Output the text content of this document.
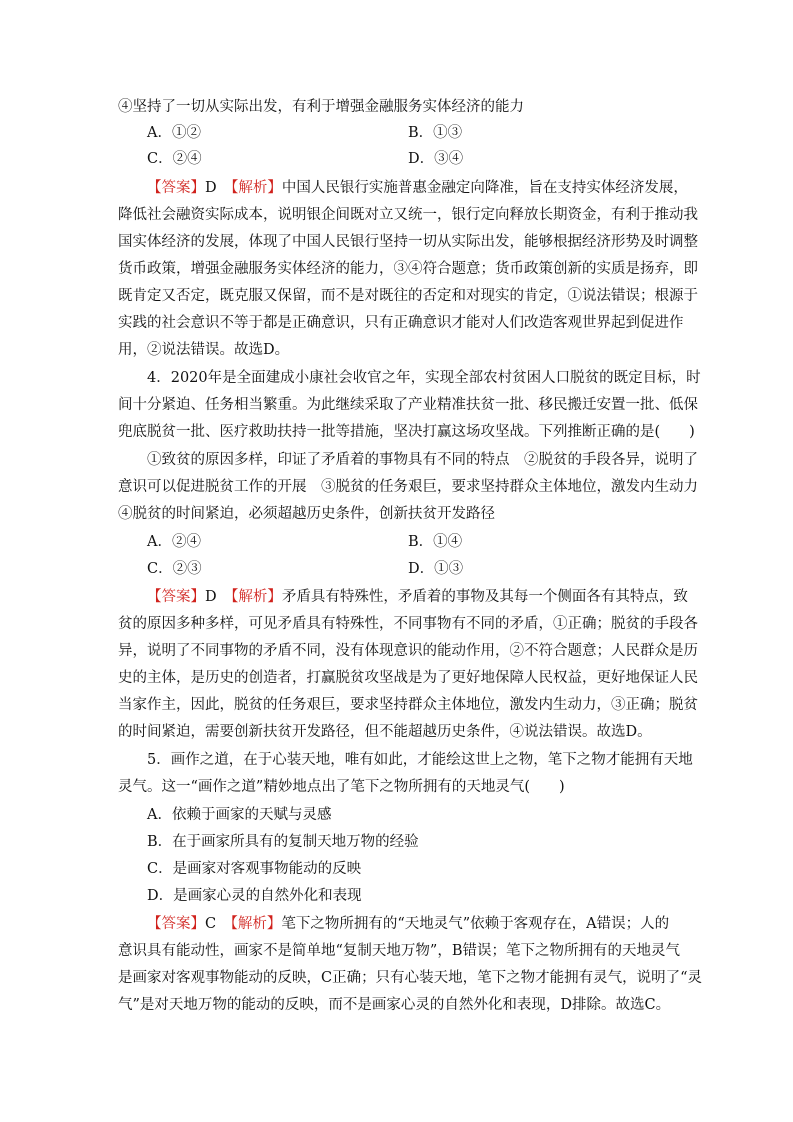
④坚持了一切从实际出发，有利于增强金融服务实体经济的能力
A．①②	B．①③
C．②④	D．③④
【答案】D　【解析】中国人民银行实施普惠金融定向降准，旨在支持实体经济发展，
降低社会融资实际成本，说明银企间既对立又统一，银行定向释放长期资金，有利于推动我
国实体经济的发展，体现了中国人民银行坚持一切从实际出发，能够根据经济形势及时调整
货币政策，增强金融服务实体经济的能力，③④符合题意；货币政策创新的实质是扬弃，即
既肯定又否定，既克服又保留，而不是对既往的否定和对现实的肯定，①说法错误；根源于
实践的社会意识不等于都是正确意识，只有正确意识才能对人们改造客观世界起到促进作
用，②说法错误。故选D。
4．2020年是全面建成小康社会收官之年，实现全部农村贫困人口脱贫的既定目标，时
间十分紧迫、任务相当繁重。为此继续采取了产业精准扶贫一批、移民搬迁安置一批、低保
兜底脱贫一批、医疗救助扶持一批等措施，坚决打赢这场攻坚战。下列推断正确的是(　　)
①致贫的原因多样，印证了矛盾着的事物具有不同的特点　②脱贫的手段各异，说明了
意识可以促进脱贫工作的开展　③脱贫的任务艰巨，要求坚持群众主体地位，激发内生动力
④脱贫的时间紧迫，必须超越历史条件，创新扶贫开发路径
A．②④	B．①④
C．②③	D．①③
【答案】D　【解析】矛盾具有特殊性，矛盾着的事物及其每一个侧面各有其特点，致
贫的原因多种多样，可见矛盾具有特殊性，不同事物有不同的矛盾，①正确；脱贫的手段各
异，说明了不同事物的矛盾不同，没有体现意识的能动作用，②不符合题意；人民群众是历
史的主体，是历史的创造者，打赢脱贫攻坚战是为了更好地保障人民权益，更好地保证人民
当家作主，因此，脱贫的任务艰巨，要求坚持群众主体地位，激发内生动力，③正确；脱贫
的时间紧迫，需要创新扶贫开发路径，但不能超越历史条件，④说法错误。故选D。
5．画作之道，在于心装天地，唯有如此，才能绘这世上之物，笔下之物才能拥有天地
灵气。这一“画作之道”精妙地点出了笔下之物所拥有的天地灵气(　　)
A．依赖于画家的天赋与灵感
B．在于画家所具有的复制天地万物的经验
C．是画家对客观事物能动的反映
D．是画家心灵的自然外化和表现
【答案】C　【解析】笔下之物所拥有的“天地灵气”依赖于客观存在，A错误；人的
意识具有能动性，画家不是简单地“复制天地万物”，B错误；笔下之物所拥有的天地灵气
是画家对客观事物能动的反映，C正确；只有心装天地，笔下之物才能拥有灵气，说明了“灵
气”是对天地万物的能动的反映，而不是画家心灵的自然外化和表现，D排除。故选C。
